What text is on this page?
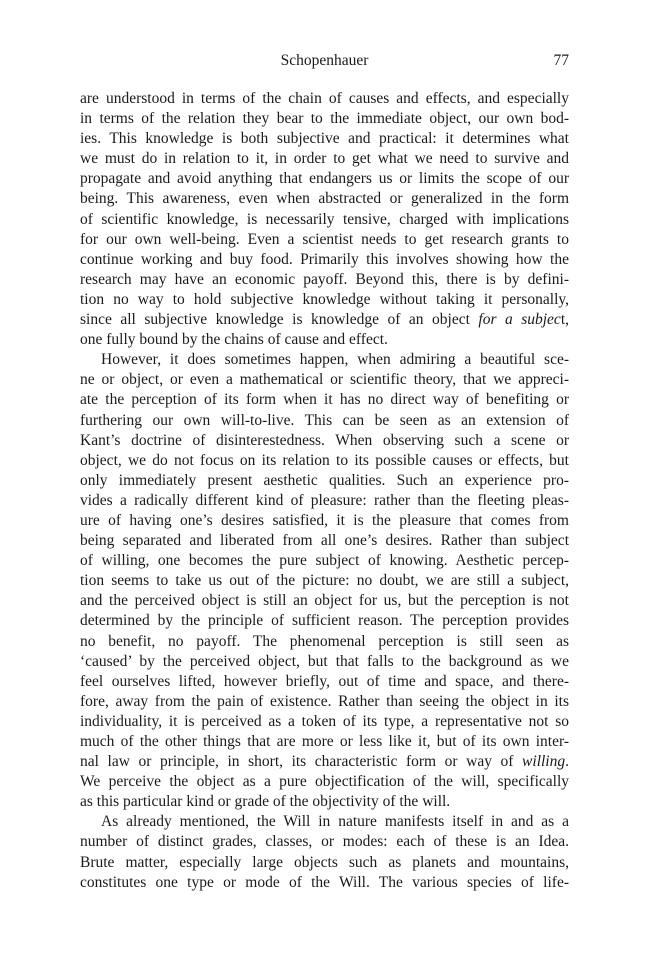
Schopenhauer	77
are understood in terms of the chain of causes and effects, and especially
in terms of the relation they bear to the immediate object, our own bod-
ies. This knowledge is both subjective and practical: it determines what
we must do in relation to it, in order to get what we need to survive and
propagate and avoid anything that endangers us or limits the scope of our
being. This awareness, even when abstracted or generalized in the form
of scientific knowledge, is necessarily tensive, charged with implications
for our own well-being. Even a scientist needs to get research grants to
continue working and buy food. Primarily this involves showing how the
research may have an economic payoff. Beyond this, there is by defini-
tion no way to hold subjective knowledge without taking it personally,
since all subjective knowledge is knowledge of an object for a subject,
one fully bound by the chains of cause and effect.
However, it does sometimes happen, when admiring a beautiful sce-
ne or object, or even a mathematical or scientific theory, that we appreci-
ate the perception of its form when it has no direct way of benefiting or
furthering our own will-to-live. This can be seen as an extension of
Kant’s doctrine of disinterestedness. When observing such a scene or
object, we do not focus on its relation to its possible causes or effects, but
only immediately present aesthetic qualities. Such an experience pro-
vides a radically different kind of pleasure: rather than the fleeting pleas-
ure of having one’s desires satisfied, it is the pleasure that comes from
being separated and liberated from all one’s desires. Rather than subject
of willing, one becomes the pure subject of knowing. Aesthetic percep-
tion seems to take us out of the picture: no doubt, we are still a subject,
and the perceived object is still an object for us, but the perception is not
determined by the principle of sufficient reason. The perception provides
no benefit, no payoff. The phenomenal perception is still seen as
‘caused’ by the perceived object, but that falls to the background as we
feel ourselves lifted, however briefly, out of time and space, and there-
fore, away from the pain of existence. Rather than seeing the object in its
individuality, it is perceived as a token of its type, a representative not so
much of the other things that are more or less like it, but of its own inter-
nal law or principle, in short, its characteristic form or way of willing.
We perceive the object as a pure objectification of the will, specifically
as this particular kind or grade of the objectivity of the will.
As already mentioned, the Will in nature manifests itself in and as a
number of distinct grades, classes, or modes: each of these is an Idea.
Brute matter, especially large objects such as planets and mountains,
constitutes one type or mode of the Will. The various species of life-
